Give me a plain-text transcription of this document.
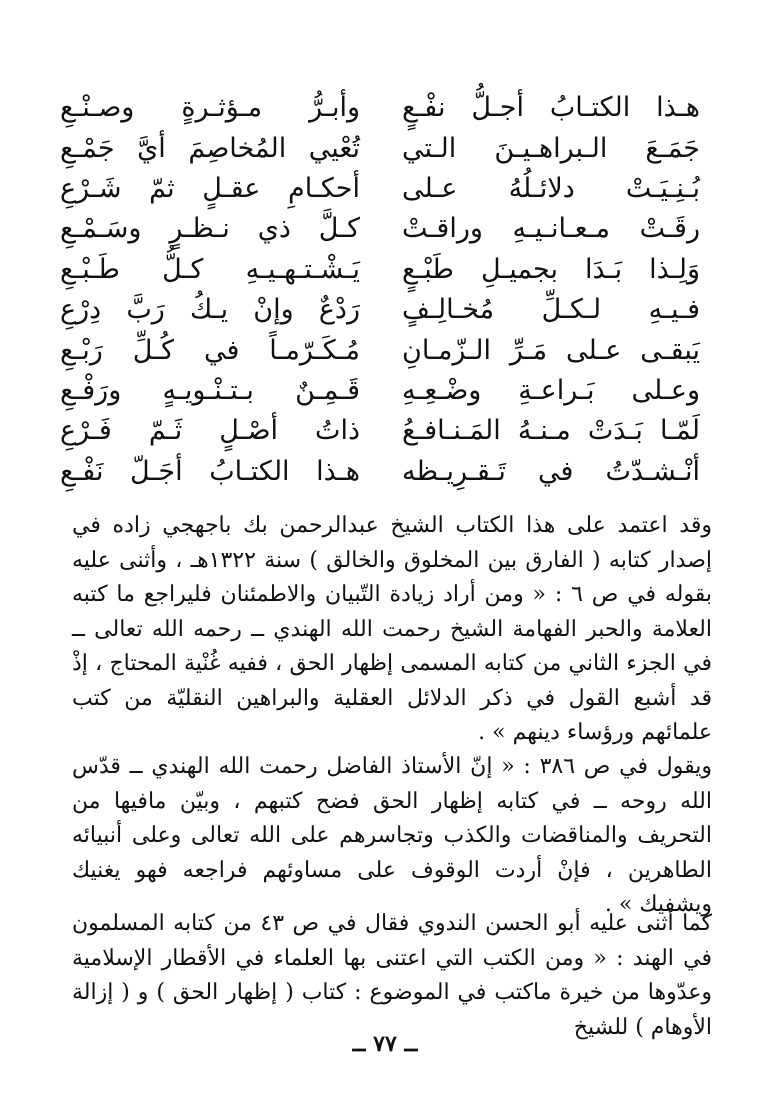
هـذا الكتـابُ أجـلُّ نفْـعٍ
وأبـرُّ مـؤثـرةٍ وصـنْـعِ
جَمَـعَ الـبراهـيـنَ الـتي
تُعْيي المُخاصِمَ أيَّ جَمْـعِ
بُـنِـيَـتْ دلائـلُهُ عـلى
أحكـامِ عقـلٍ ثمّ شَـرْعِ
رقَـتْ مـعـانـيـهِ وراقـتْ
كـلَّ ذي نـظـرٍ وسَـمْـعِ
وَلِـذا بَـدَا بجميـلِ طَبْـعٍ
يَـشْـتـهـيـهِ كـلُّ طَـبْـعِ
فـيـهِ لـكـلِّ مُخـالِـفٍ
رَدْعٌ وإنْ يـكُ رَبَّ دِرْعِ
يَبقـى عـلى مَـرِّ الـزّمـانِ
مُـكَـرّمـاً في كُـلِّ رَبْـعِ
وعـلى بَـراعـةِ وضْـعِـهِ
قَـمِـنٌ بـتـنْـويـهٍ ورَفْـعِ
لَمّـا بَـدَتْ مـنـهُ المَـنـافـعُ
ذاتُ أصْـلٍ ثَـمّ فَـرْعِ
أنْـشـدّتُ في تَـقـرِيـظه
هـذا الكتـابُ أجَـلّ نَفْـعِ

وقد اعتمد على هذا الكتاب الشيخ عبدالرحمن بك باجهجي زاده في إصدار كتابه ( الفارق بين المخلوق والخالق ) سنة ١٣٢٢هـ ، وأثنى عليه بقوله في ص ٦ : « ومن أراد زيادة التّبيان والاطمئنان فليراجع ما كتبه العلامة والحبر الفهامة الشيخ رحمت الله الهندي ــ رحمه الله تعالى ــ في الجزء الثاني من كتابه المسمى إظهار الحق ، ففيه غُنْية المحتاج ، إذْ قد أشبع القول في ذكر الدلائل العقلية والبراهين النقليّة من كتب علمائهم ورؤساء دينهم » .

ويقول في ص ٣٨٦ : « إنّ الأستاذ الفاضل رحمت الله الهندي ــ قدّس الله روحه ــ في كتابه إظهار الحق فضح كتبهم ، وبيّن مافيها من التحريف والمناقضات والكذب وتجاسرهم على الله تعالى وعلى أنبيائه الطاهرين ، فإنْ أردت الوقوف على مساوئهم فراجعه فهو يغنيك ويشفيك » .

كما أثنى عليه أبو الحسن الندوي فقال في ص ٤٣ من كتابه المسلمون في الهند : « ومن الكتب التي اعتنى بها العلماء في الأقطار الإسلامية وعدّوها من خيرة ماكتب في الموضوع : كتاب ( إظهار الحق ) و ( إزالة الأوهام ) للشيخ

ــ ٧٧ ــ
